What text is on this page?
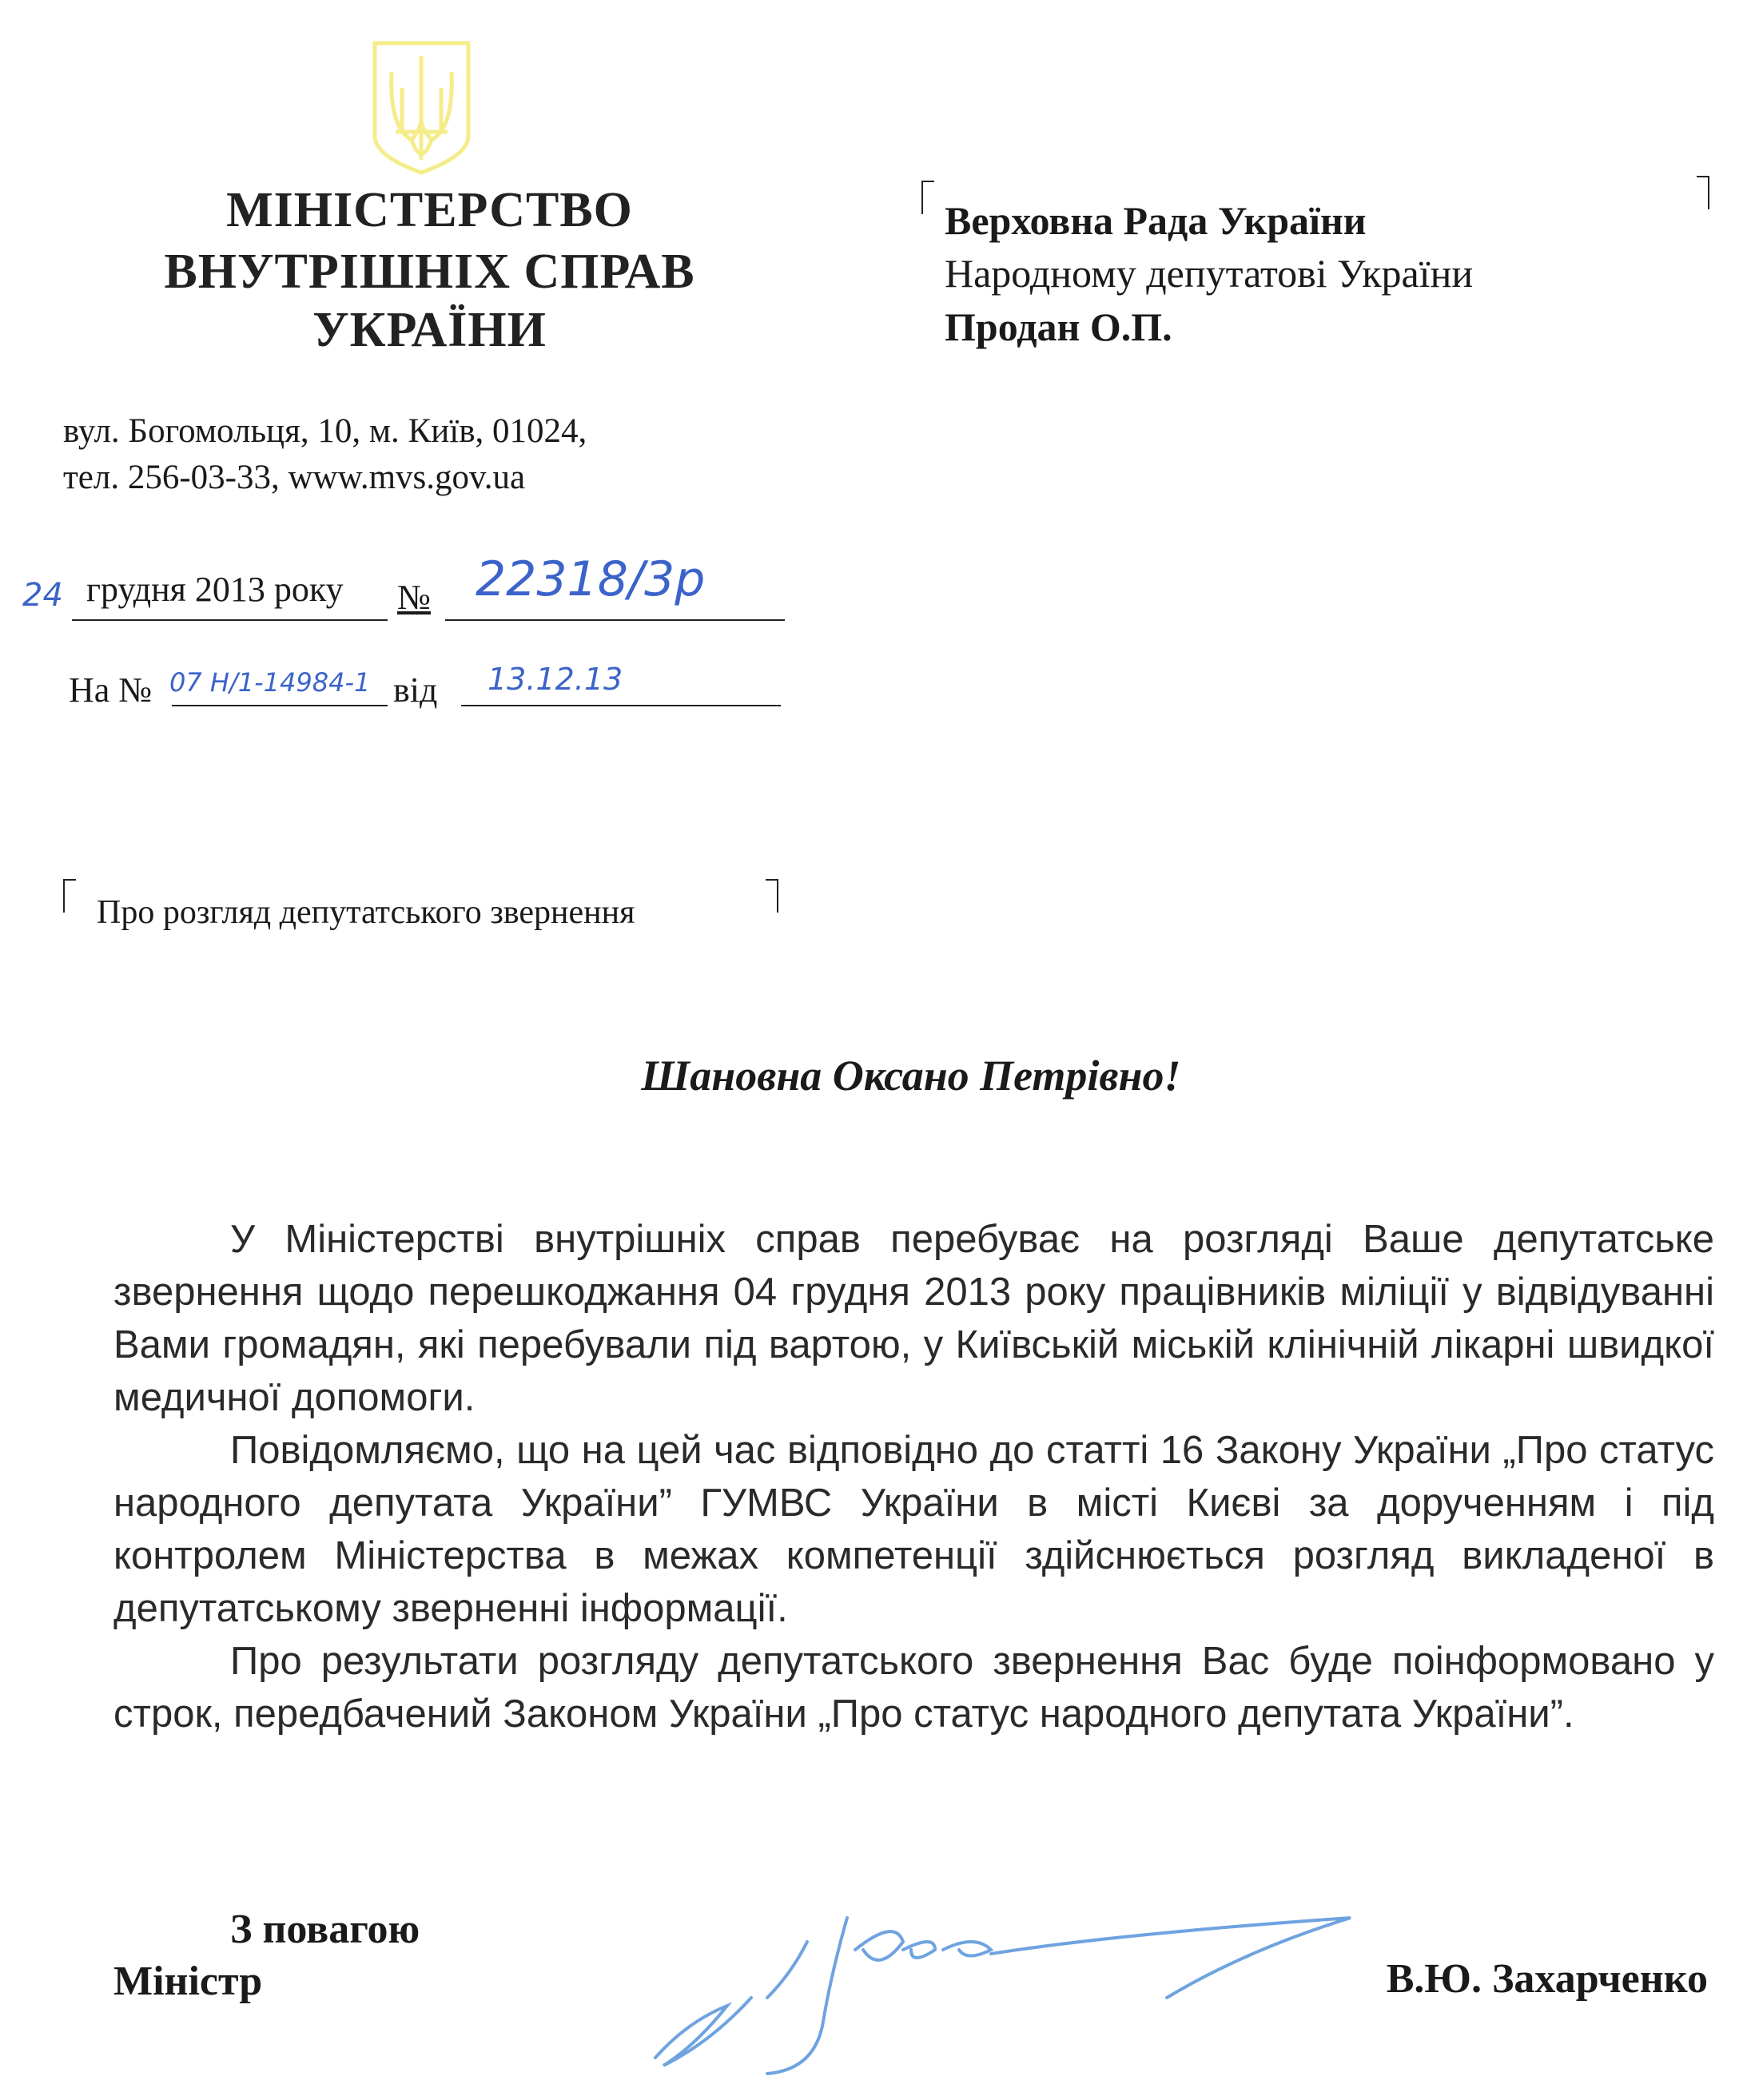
МІНІСТЕРСТВО
ВНУТРІШНІХ СПРАВ
УКРАЇНИ
вул. Богомольця, 10, м. Київ, 01024,
тел. 256-03-33, www.mvs.gov.ua
24 грудня 2013 року № 22318/3р
На № 07 H/1-14984-1 від 13.12.13
Верховна Рада України
Народному депутатові України
Продан О.П.
Про розгляд депутатського звернення
Шановна Оксано Петрівно!

У Міністерстві внутрішніх справ перебуває на розгляді Ваше депутатське звернення щодо перешкоджання 04 грудня 2013 року працівників міліції у відвідуванні Вами громадян, які перебували під вартою, у Київській міській клінічній лікарні швидкої медичної допомоги.

Повідомляємо, що на цей час відповідно до статті 16 Закону України „Про статус народного депутата України” ГУМВС України в місті Києві за дорученням і під контролем Міністерства в межах компетенції здійснюється розгляд викладеної в депутатському зверненні інформації.

Про результати розгляду депутатського звернення Вас буде поінформовано у строк, передбачений Законом України „Про статус народного депутата України”.

З повагою
Міністр	В.Ю. Захарченко
